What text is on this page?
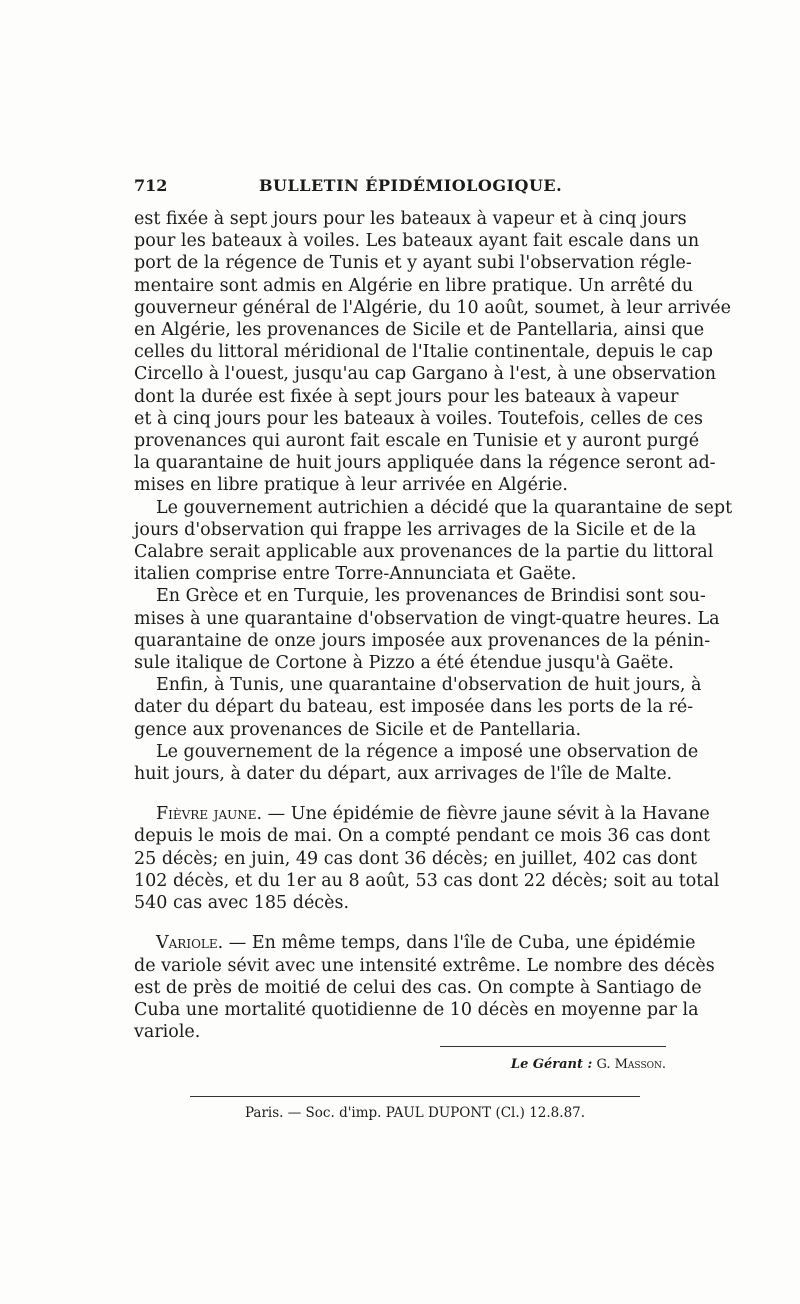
712	BULLETIN ÉPIDÉMIOLOGIQUE.

est fixée à sept jours pour les bateaux à vapeur et à cinq jours
pour les bateaux à voiles. Les bateaux ayant fait escale dans un
port de la régence de Tunis et y ayant subi l'observation régle-
mentaire sont admis en Algérie en libre pratique. Un arrêté du
gouverneur général de l'Algérie, du 10 août, soumet, à leur arrivée
en Algérie, les provenances de Sicile et de Pantellaria, ainsi que
celles du littoral méridional de l'Italie continentale, depuis le cap
Circello à l'ouest, jusqu'au cap Gargano à l'est, à une observation
dont la durée est fixée à sept jours pour les bateaux à vapeur
et à cinq jours pour les bateaux à voiles. Toutefois, celles de ces
provenances qui auront fait escale en Tunisie et y auront purgé
la quarantaine de huit jours appliquée dans la régence seront ad-
mises en libre pratique à leur arrivée en Algérie.

Le gouvernement autrichien a décidé que la quarantaine de sept
jours d'observation qui frappe les arrivages de la Sicile et de la
Calabre serait applicable aux provenances de la partie du littoral
italien comprise entre Torre-Annunciata et Gaëte.

En Grèce et en Turquie, les provenances de Brindisi sont sou-
mises à une quarantaine d'observation de vingt-quatre heures. La
quarantaine de onze jours imposée aux provenances de la pénin-
sule italique de Cortone à Pizzo a été étendue jusqu'à Gaëte.

Enfin, à Tunis, une quarantaine d'observation de huit jours, à
dater du départ du bateau, est imposée dans les ports de la ré-
gence aux provenances de Sicile et de Pantellaria.

Le gouvernement de la régence a imposé une observation de
huit jours, à dater du départ, aux arrivages de l'île de Malte.

Fièvre jaune. — Une épidémie de fièvre jaune sévit à la Havane
depuis le mois de mai. On a compté pendant ce mois 36 cas dont
25 décès; en juin, 49 cas dont 36 décès; en juillet, 402 cas dont
102 décès, et du 1er au 8 août, 53 cas dont 22 décès; soit au total
540 cas avec 185 décès.

Variole. — En même temps, dans l'île de Cuba, une épidémie
de variole sévit avec une intensité extrême. Le nombre des décès
est de près de moitié de celui des cas. On compte à Santiago de
Cuba une mortalité quotidienne de 10 décès en moyenne par la
variole.

Le Gérant : G. Masson.
Paris. — Soc. d'imp. PAUL DUPONT (Cl.) 12.8.87.
